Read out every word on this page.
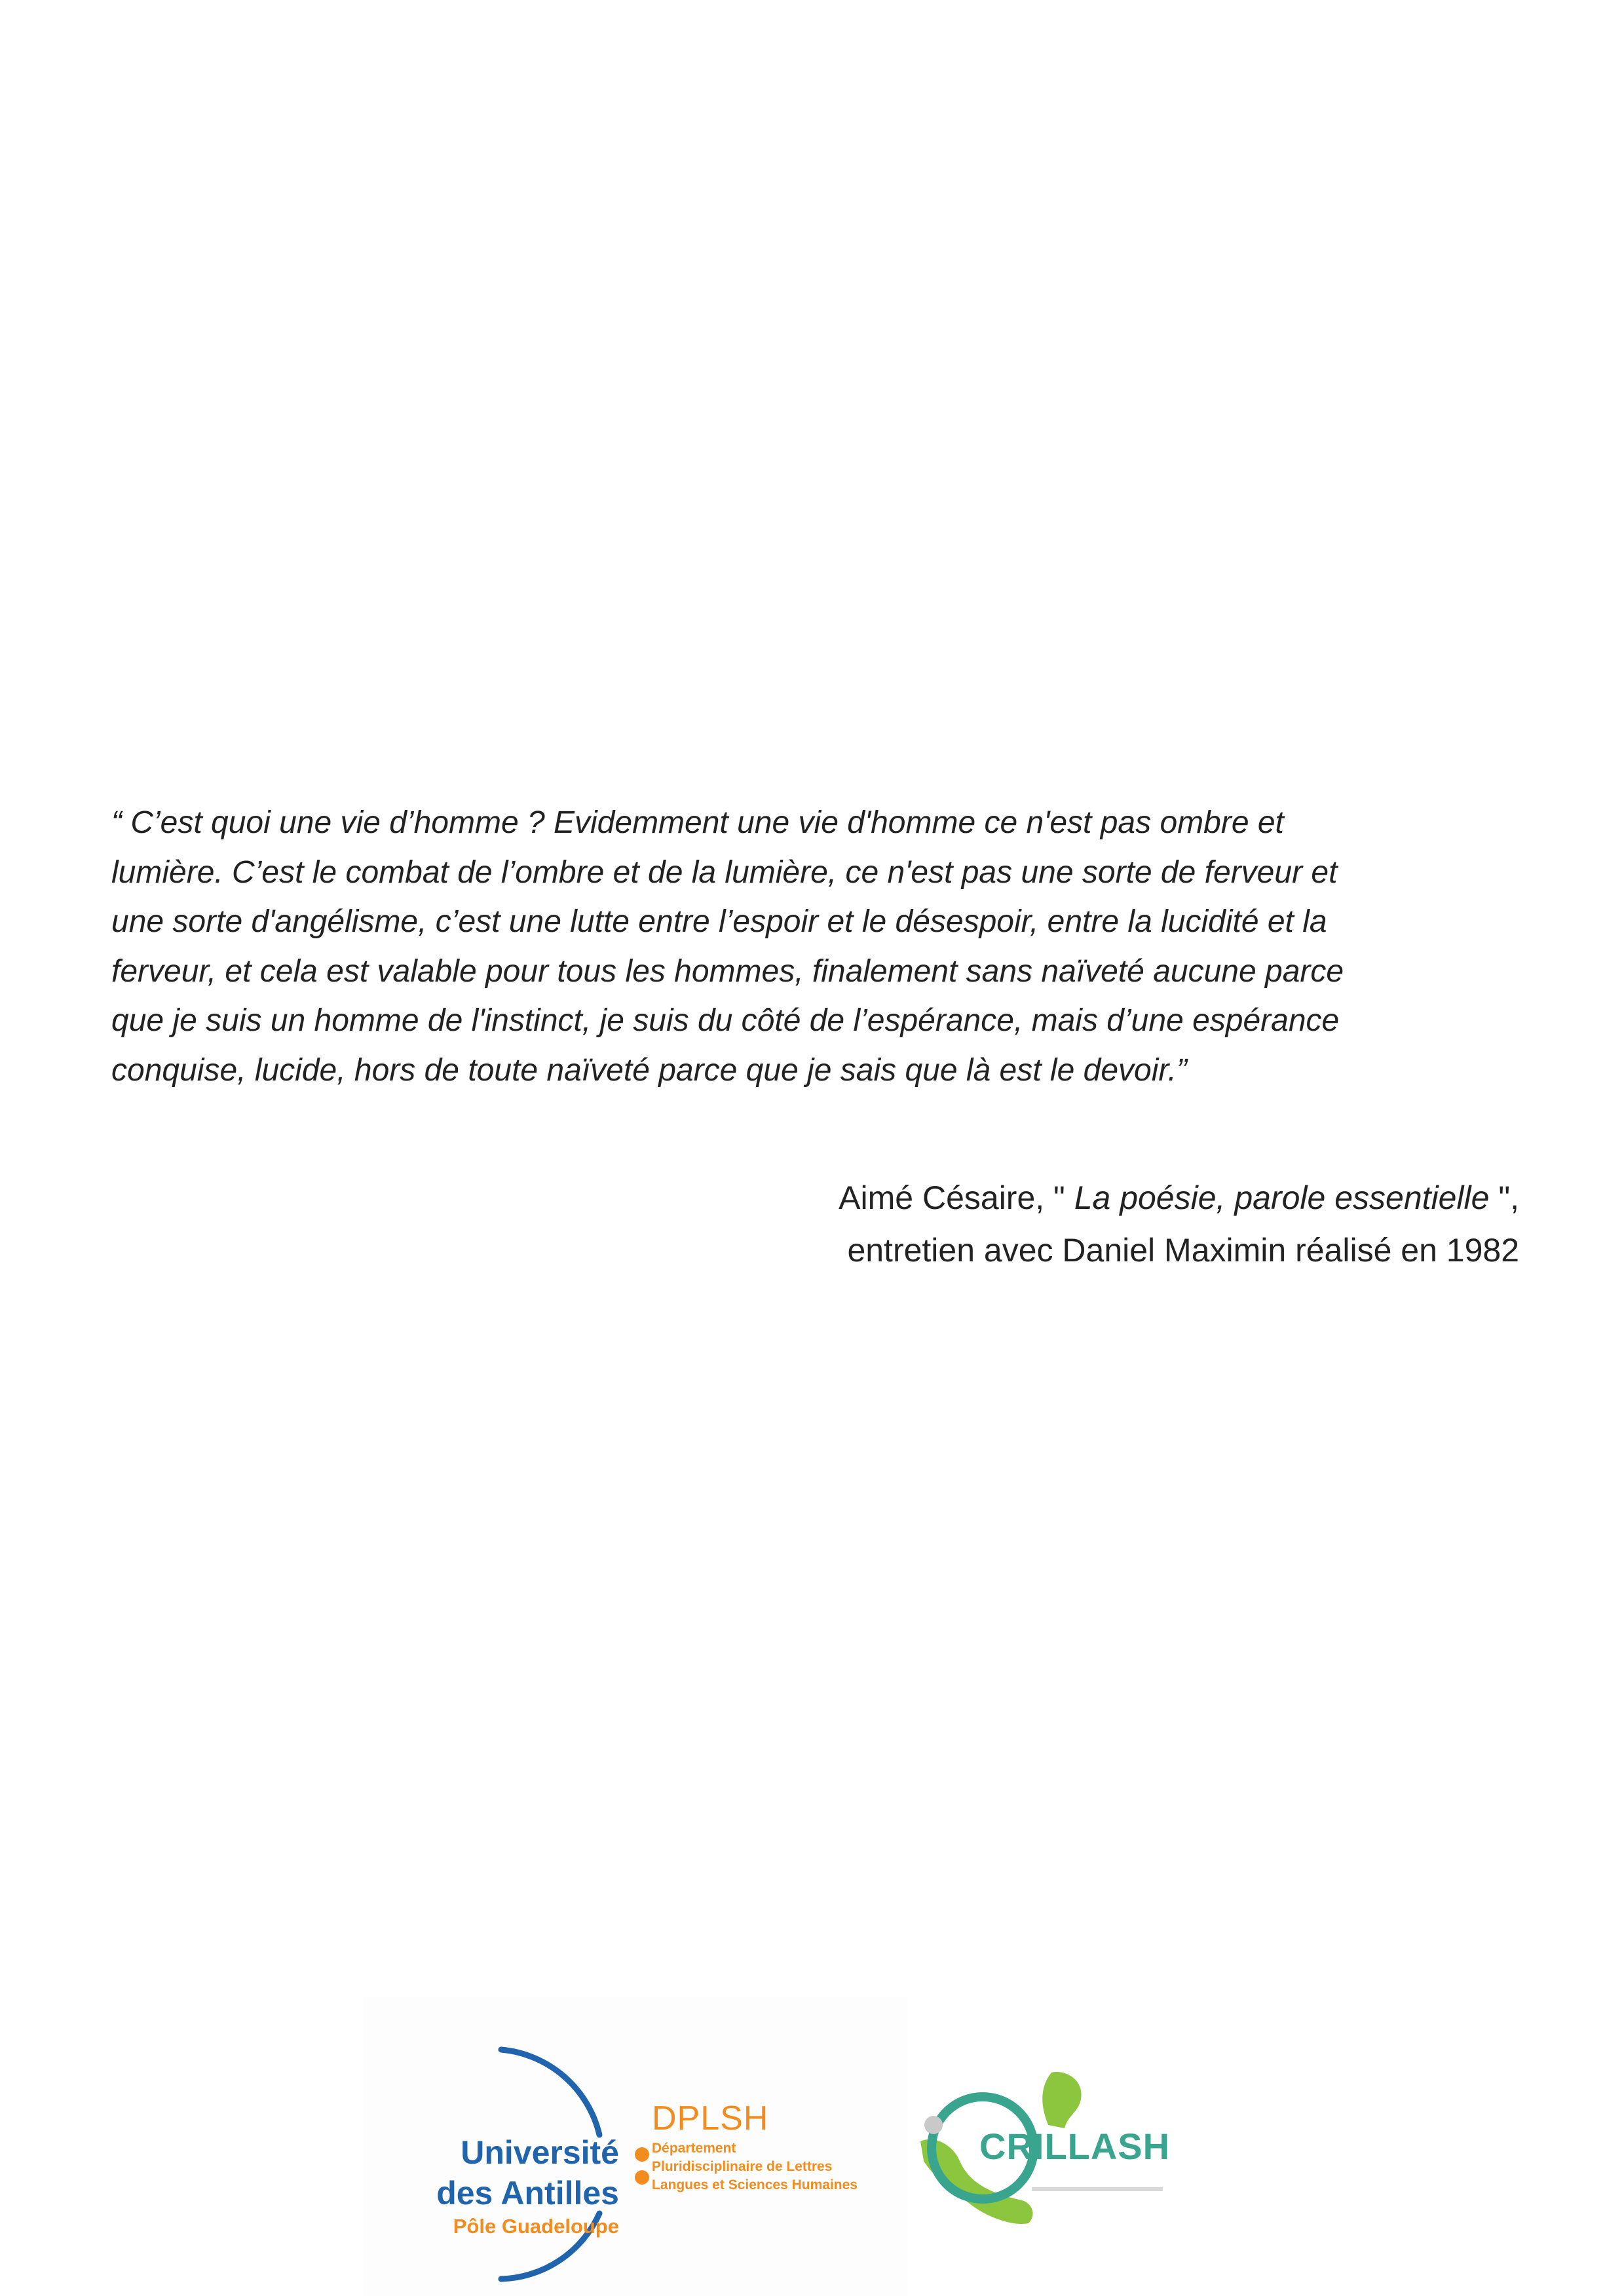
“ C’est quoi une vie d’homme ? Evidemment une vie d'homme ce n'est pas ombre et
lumière. C’est le combat de l’ombre et de la lumière, ce n'est pas une sorte de ferveur et
une sorte d'angélisme, c’est une lutte entre l’espoir et le désespoir, entre la lucidité et la
ferveur, et cela est valable pour tous les hommes, finalement sans naïveté aucune parce
que je suis un homme de l'instinct, je suis du côté de l’espérance, mais d’une espérance
conquise, lucide, hors de toute naïveté parce que je sais que là est le devoir.”
Aimé Césaire, " La poésie, parole essentielle ",
entretien avec Daniel Maximin réalisé en 1982
Université
des Antilles
Pôle Guadeloupe
DPLSH
Département
Pluridisciplinaire de Lettres
Langues et Sciences Humaines
CRILLASH
